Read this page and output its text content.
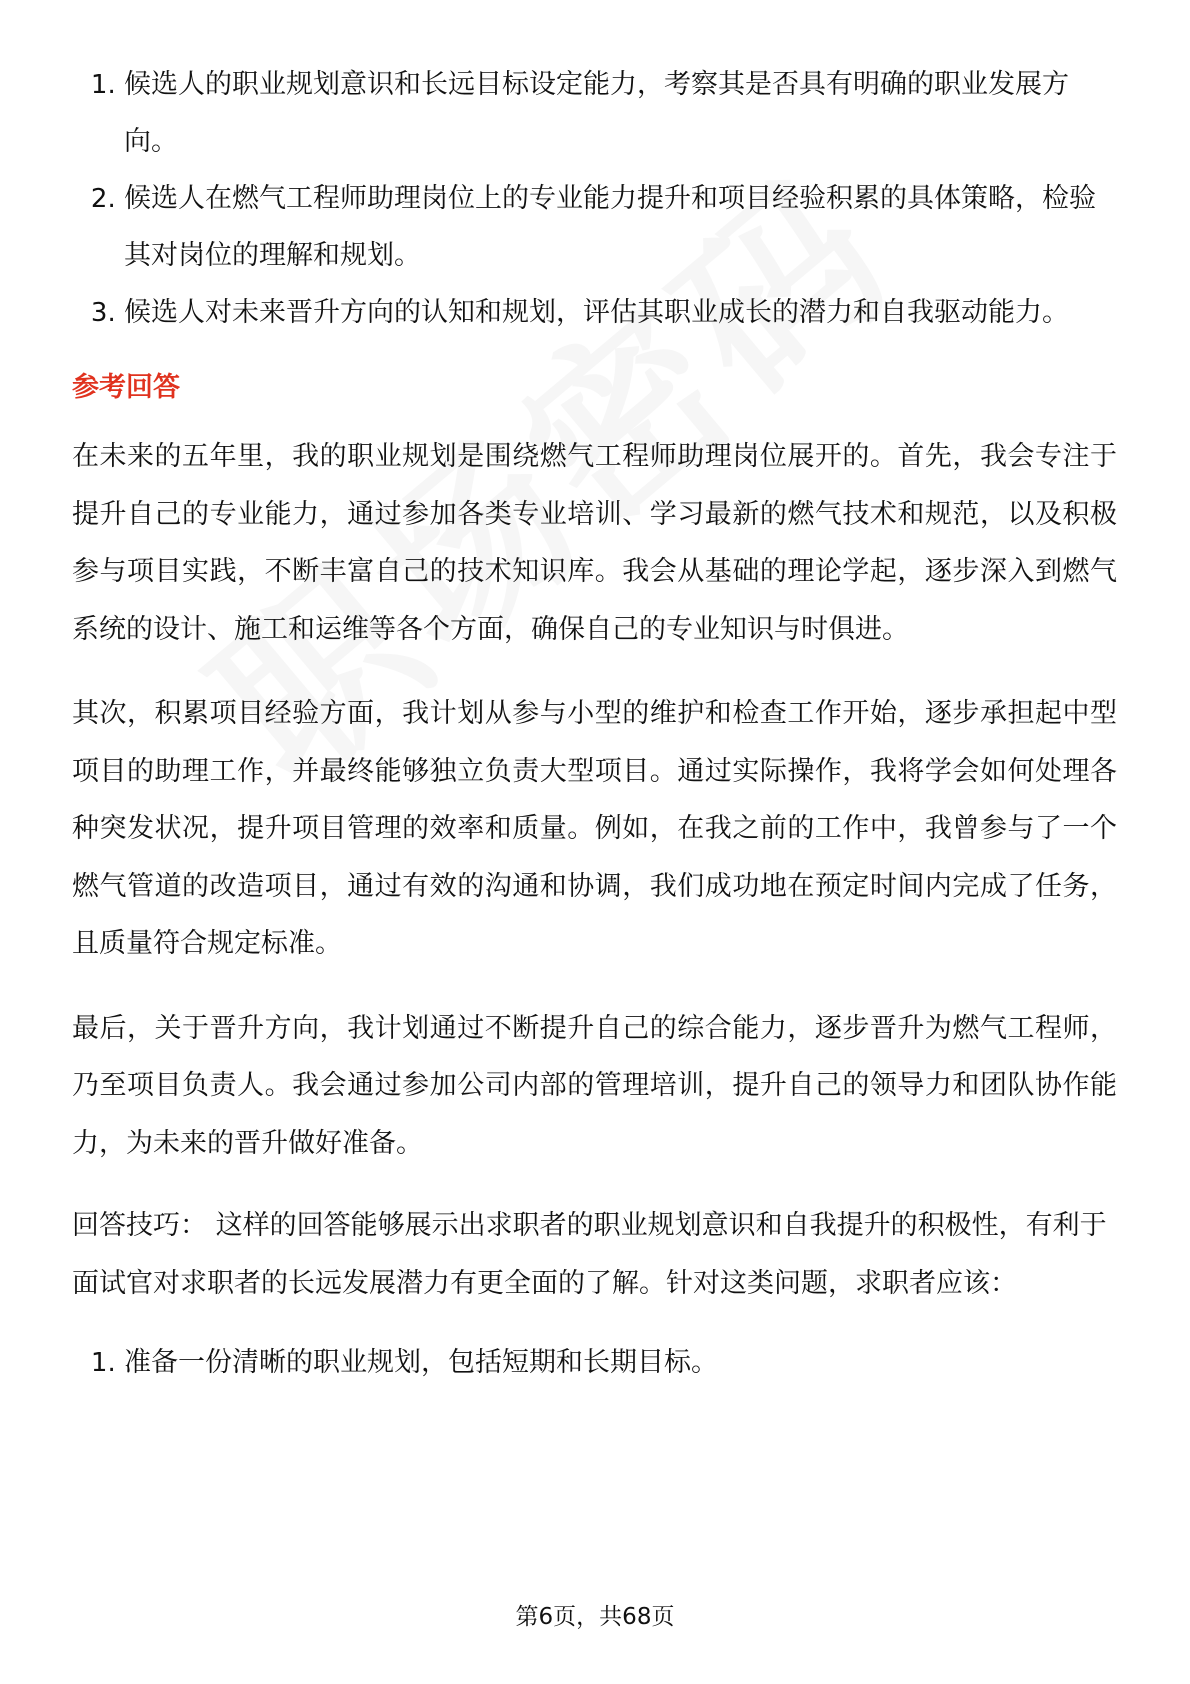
1. 候选人的职业规划意识和长远目标设定能力，考察其是否具有明确的职业发展方向。
2. 候选人在燃气工程师助理岗位上的专业能力提升和项目经验积累的具体策略，检验其对岗位的理解和规划。
3. 候选人对未来晋升方向的认知和规划，评估其职业成长的潜力和自我驱动能力。
参考回答

在未来的五年里，我的职业规划是围绕燃气工程师助理岗位展开的。首先，我会专注于提升自己的专业能力，通过参加各类专业培训、学习最新的燃气技术和规范，以及积极参与项目实践，不断丰富自己的技术知识库。我会从基础的理论学起，逐步深入到燃气系统的设计、施工和运维等各个方面，确保自己的专业知识与时俱进。

其次，积累项目经验方面，我计划从参与小型的维护和检查工作开始，逐步承担起中型项目的助理工作，并最终能够独立负责大型项目。通过实际操作，我将学会如何处理各种突发状况，提升项目管理的效率和质量。例如，在我之前的工作中，我曾参与了一个燃气管道的改造项目，通过有效的沟通和协调，我们成功地在预定时间内完成了任务，且质量符合规定标准。

最后，关于晋升方向，我计划通过不断提升自己的综合能力，逐步晋升为燃气工程师，乃至项目负责人。我会通过参加公司内部的管理培训，提升自己的领导力和团队协作能力，为未来的晋升做好准备。

回答技巧： 这样的回答能够展示出求职者的职业规划意识和自我提升的积极性，有利于面试官对求职者的长远发展潜力有更全面的了解。针对这类问题，求职者应该：

1. 准备一份清晰的职业规划，包括短期和长期目标。
第6页，共68页
